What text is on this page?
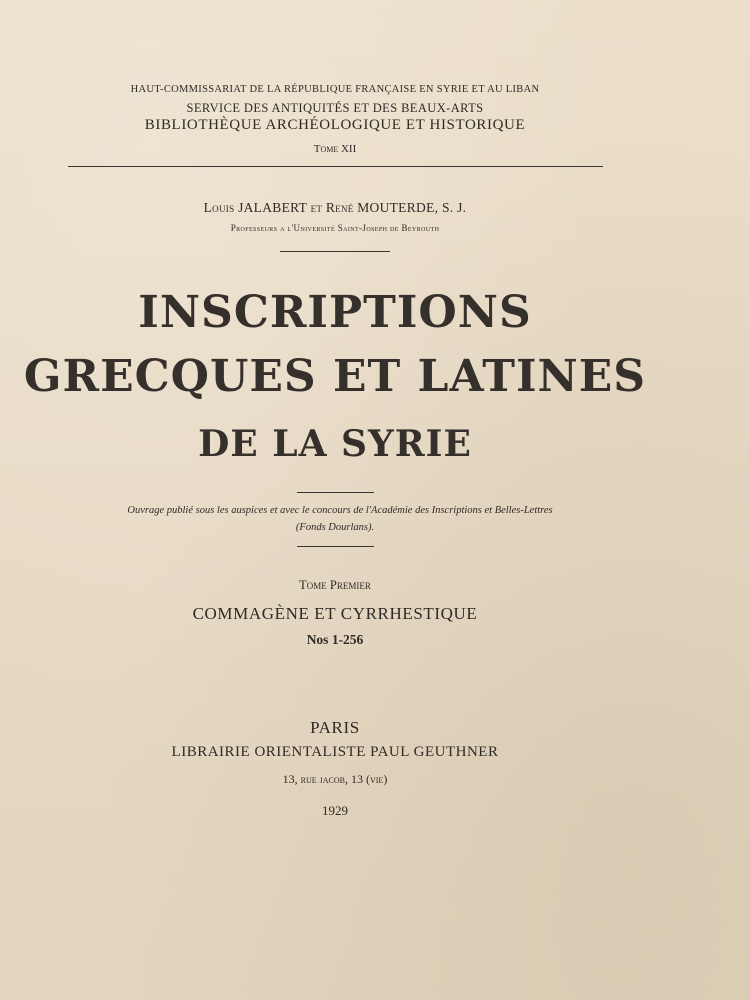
HAUT-COMMISSARIAT DE LA RÉPUBLIQUE FRANÇAISE EN SYRIE ET AU LIBAN
SERVICE DES ANTIQUITÉS ET DES BEAUX-ARTS
BIBLIOTHÈQUE ARCHÉOLOGIQUE ET HISTORIQUE
Tome XII
Louis JALABERT et René MOUTERDE, S. J.
Professeurs a l'Université Saint-Joseph de Beyrouth
INSCRIPTIONS
GRECQUES ET LATINES
DE LA SYRIE
Ouvrage publié sous les auspices et avec le concours de l'Académie des Inscriptions et Belles-Lettres
(Fonds Dourlans).
Tome Premier
COMMAGÈNE ET CYRRHESTIQUE
Nos 1-256
PARIS
LIBRAIRIE ORIENTALISTE PAUL GEUTHNER
13, rue jacob, 13 (vie)
1929
